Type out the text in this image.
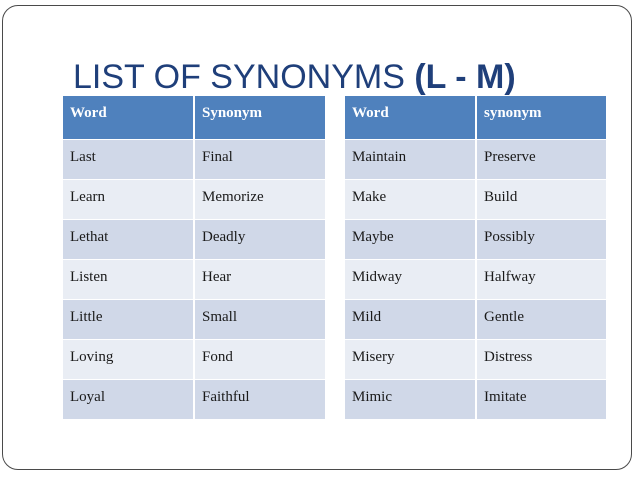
LIST OF SYNONYMS (L - M)
Word	Synonym
Last	Final
Learn	Memorize
Lethat	Deadly
Listen	Hear
Little	Small
Loving	Fond
Loyal	Faithful
Word	synonym
Maintain	Preserve
Make	Build
Maybe	Possibly
Midway	Halfway
Mild	Gentle
Misery	Distress
Mimic	Imitate
